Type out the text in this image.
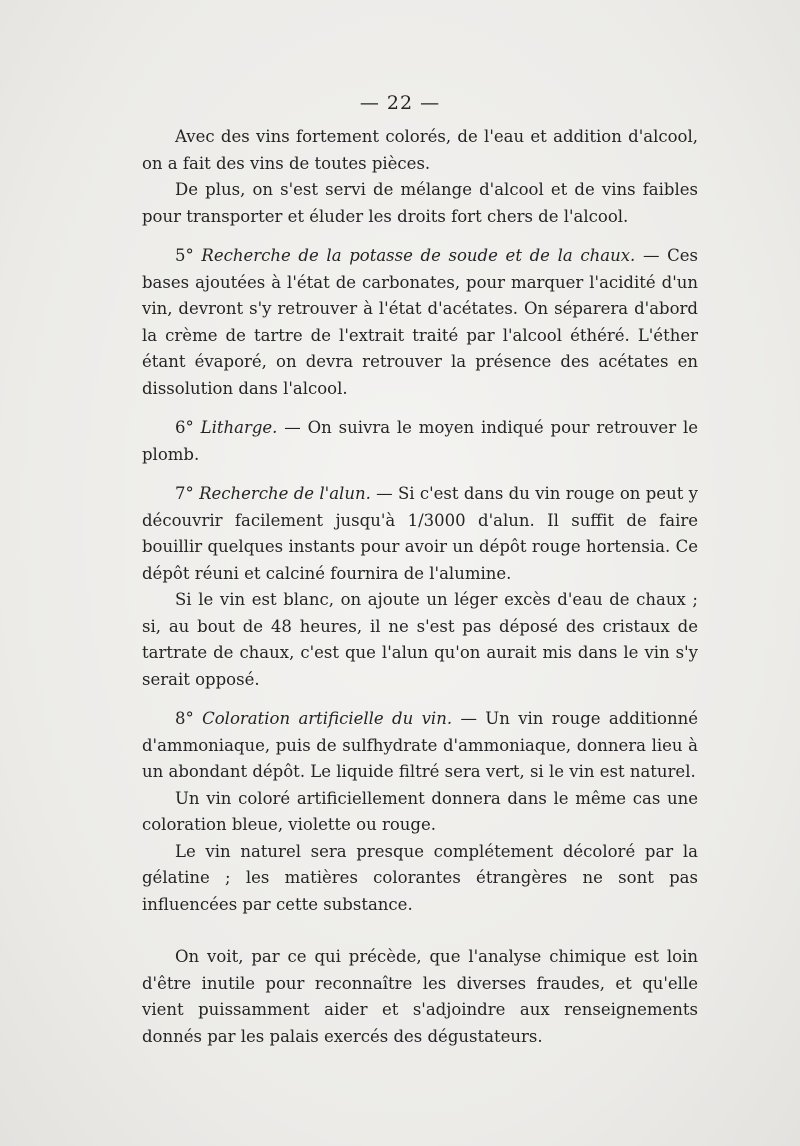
— 22 —

Avec des vins fortement colorés, de l'eau et addition d'alcool, on a fait des vins de toutes pièces.

De plus, on s'est servi de mélange d'alcool et de vins faibles pour transporter et éluder les droits fort chers de l'alcool.

5° Recherche de la potasse de soude et de la chaux. — Ces bases ajoutées à l'état de carbonates, pour marquer l'acidité d'un vin, devront s'y retrouver à l'état d'acétates. On séparera d'abord la crème de tartre de l'extrait traité par l'alcool éthéré. L'éther étant évaporé, on devra retrouver la présence des acétates en dissolution dans l'alcool.

6° Litharge. — On suivra le moyen indiqué pour retrouver le plomb.

7° Recherche de l'alun. — Si c'est dans du vin rouge on peut y découvrir facilement jusqu'à 1/3000 d'alun. Il suffit de faire bouillir quelques instants pour avoir un dépôt rouge hortensia. Ce dépôt réuni et calciné fournira de l'alumine.

Si le vin est blanc, on ajoute un léger excès d'eau de chaux ; si, au bout de 48 heures, il ne s'est pas déposé des cristaux de tartrate de chaux, c'est que l'alun qu'on aurait mis dans le vin s'y serait opposé.

8° Coloration artificielle du vin. — Un vin rouge additionné d'ammoniaque, puis de sulfhydrate d'ammoniaque, donnera lieu à un abondant dépôt. Le liquide filtré sera vert, si le vin est naturel.

Un vin coloré artificiellement donnera dans le même cas une coloration bleue, violette ou rouge.

Le vin naturel sera presque complétement décoloré par la gélatine ; les matières colorantes étrangères ne sont pas influencées par cette substance.

On voit, par ce qui précède, que l'analyse chimique est loin d'être inutile pour reconnaître les diverses fraudes, et qu'elle vient puissamment aider et s'adjoindre aux renseignements donnés par les palais exercés des dégustateurs.
